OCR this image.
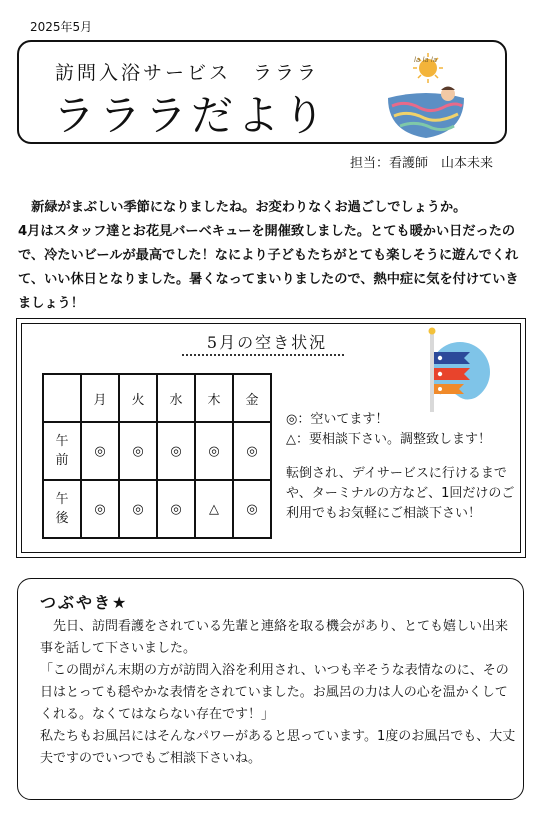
2025年5月
訪問入浴サービス　ラララ
ラララだより
la la la
担当：看護師　山本未来

　新緑がまぶしい季節になりましたね。お変わりなくお過ごしでしょうか。

4月はスタッフ達とお花見バーベキューを開催致しました。とても暖かい日だったので、冷たいビールが最高でした！なにより子どもたちがとても楽しそうに遊んでくれて、いい休日となりました。暑くなってまいりましたので、熱中症に気を付けていきましょう！

5月の空き状況
	月	火	水	木	金
午
前	◎	◎	◎	◎	◎
午
後	◎	◎	◎	△	◎
◎：空いてます！
△：要相談下さい。調整致します！
転倒され、デイサービスに行けるまでや、ターミナルの方など、1回だけのご利用でもお気軽にご相談下さい！
つぶやき★

　先日、訪問看護をされている先輩と連絡を取る機会があり、とても嬉しい出来事を話して下さいました。

「この間がん末期の方が訪問入浴を利用され、いつも辛そうな表情なのに、その日はとっても穏やかな表情をされていました。お風呂の力は人の心を温かくしてくれる。なくてはならない存在です！」

私たちもお風呂にはそんなパワーがあると思っています。1度のお風呂でも、大丈夫ですのでいつでもご相談下さいね。
